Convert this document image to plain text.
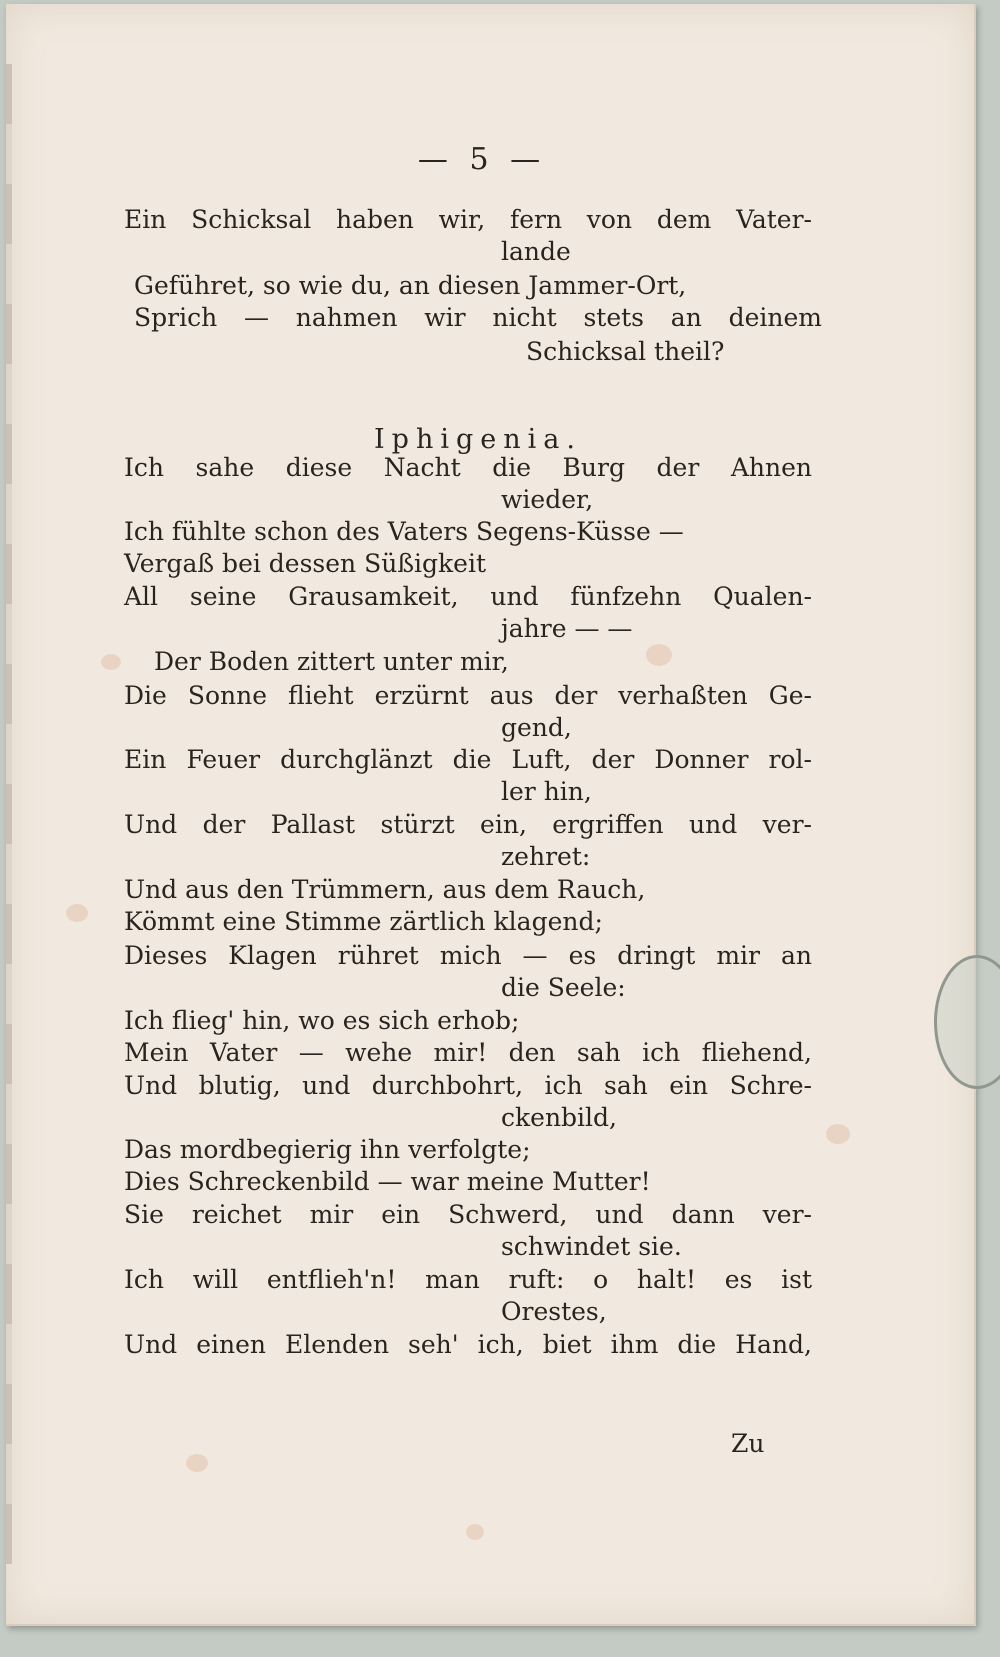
— 5 —
Ein Schicksal haben wir, fern von dem Vater-
lande
Geführet, so wie du, an diesen Jammer-Ort,
Sprich — nahmen wir nicht stets an deinem
Schicksal theil?
Iphigenia.
Ich sahe diese Nacht die Burg der Ahnen
wieder,
Ich fühlte schon des Vaters Segens-Küsse —
Vergaß bei dessen Süßigkeit
All seine Grausamkeit, und fünfzehn Qualen-
jahre — —
Der Boden zittert unter mir,
Die Sonne flieht erzürnt aus der verhaßten Ge-
gend,
Ein Feuer durchglänzt die Luft, der Donner rol-
ler hin,
Und der Pallast stürzt ein, ergriffen und ver-
zehret:
Und aus den Trümmern, aus dem Rauch,
Kömmt eine Stimme zärtlich klagend;
Dieses Klagen rühret mich — es dringt mir an
die Seele:
Ich flieg' hin, wo es sich erhob;
Mein Vater — wehe mir! den sah ich fliehend,
Und blutig, und durchbohrt, ich sah ein Schre-
ckenbild,
Das mordbegierig ihn verfolgte;
Dies Schreckenbild — war meine Mutter!
Sie reichet mir ein Schwerd, und dann ver-
schwindet sie.
Ich will entflieh'n! man ruft: o halt! es ist
Orestes,
Und einen Elenden seh' ich, biet ihm die Hand,
Zu
